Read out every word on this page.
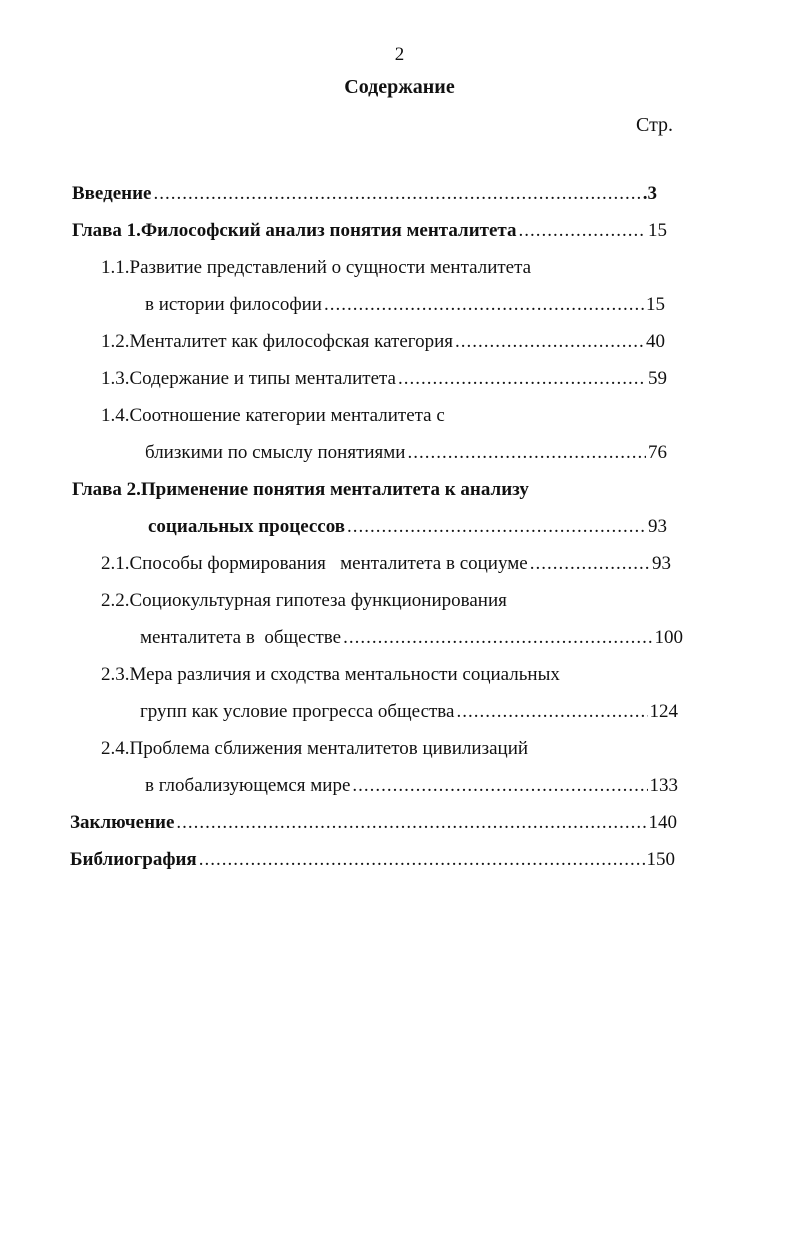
2
Содержание
Стр.
Введение .....	.3
Глава 1.Философский анализ понятия менталитета .....	15
1.1.Развитие представлений о сущности менталитета
в истории философии .....	15
1.2.Менталитет как философская категория .....	40
1.3.Содержание и типы менталитета .....	59
1.4.Соотношение категории менталитета с
близкими по смыслу понятиями .....	76
Глава 2.Применение понятия менталитета к анализу
социальных процессов .....	93
2.1.Способы формирования   менталитета в социуме .....	93
2.2.Социокультурная гипотеза функционирования
менталитета в  обществе .....	100
2.3.Мера различия и сходства ментальности социальных
групп как условие прогресса общества .....	124
2.4.Проблема сближения менталитетов цивилизаций
в глобализующемся мире .....	133
Заключение .....	140
Библиография .....	150
